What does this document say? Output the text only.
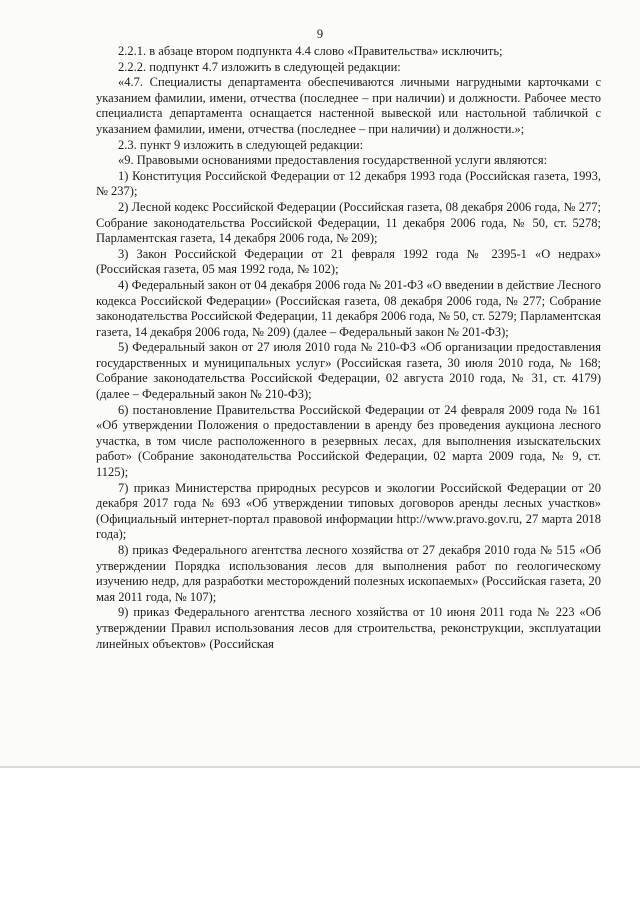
9

2.2.1. в абзаце втором подпункта 4.4 слово «Правительства» исключить;

2.2.2. подпункт 4.7 изложить в следующей редакции:

«4.7. Специалисты департамента обеспечиваются личными нагрудными карточками с указанием фамилии, имени, отчества (последнее – при наличии) и должности. Рабочее место специалиста департамента оснащается настенной вывеской или настольной табличкой с указанием фамилии, имени, отчества (последнее – при наличии) и должности.»;

2.3. пункт 9 изложить в следующей редакции:

«9. Правовыми основаниями предоставления государственной услуги являются:

1) Конституция Российской Федерации от 12 декабря 1993 года (Российская газета, 1993, № 237);

2) Лесной кодекс Российской Федерации (Российская газета, 08 декабря 2006 года, № 277; Собрание законодательства Российской Федерации, 11 декабря 2006 года, № 50, ст. 5278; Парламентская газета, 14 декабря 2006 года, № 209);

3) Закон Российской Федерации от 21 февраля 1992 года № 2395-1 «О недрах» (Российская газета, 05 мая 1992 года, № 102);

4) Федеральный закон от 04 декабря 2006 года № 201-ФЗ «О введении в действие Лесного кодекса Российской Федерации» (Российская газета, 08 декабря 2006 года, № 277; Собрание законодательства Российской Федерации, 11 декабря 2006 года, № 50, ст. 5279; Парламентская газета, 14 декабря 2006 года, № 209) (далее – Федеральный закон № 201-ФЗ);

5) Федеральный закон от 27 июля 2010 года № 210-ФЗ «Об организации предоставления государственных и муниципальных услуг» (Российская газета, 30 июля 2010 года, № 168; Собрание законодательства Российской Федерации, 02 августа 2010 года, № 31, ст. 4179) (далее – Федеральный закон № 210-ФЗ);

6) постановление Правительства Российской Федерации от 24 февраля 2009 года № 161 «Об утверждении Положения о предоставлении в аренду без проведения аукциона лесного участка, в том числе расположенного в резервных лесах, для выполнения изыскательских работ» (Собрание законодательства Российской Федерации, 02 марта 2009 года, № 9, ст. 1125);

7) приказ Министерства природных ресурсов и экологии Российской Федерации от 20 декабря 2017 года № 693 «Об утверждении типовых договоров аренды лесных участков» (Официальный интернет-портал правовой информации http://www.pravo.gov.ru, 27 марта 2018 года);

8) приказ Федерального агентства лесного хозяйства от 27 декабря 2010 года № 515 «Об утверждении Порядка использования лесов для выполнения работ по геологическому изучению недр, для разработки месторождений полезных ископаемых» (Российская газета, 20 мая 2011 года, № 107);

9) приказ Федерального агентства лесного хозяйства от 10 июня 2011 года № 223 «Об утверждении Правил использования лесов для строительства, реконструкции, эксплуатации линейных объектов» (Российская
